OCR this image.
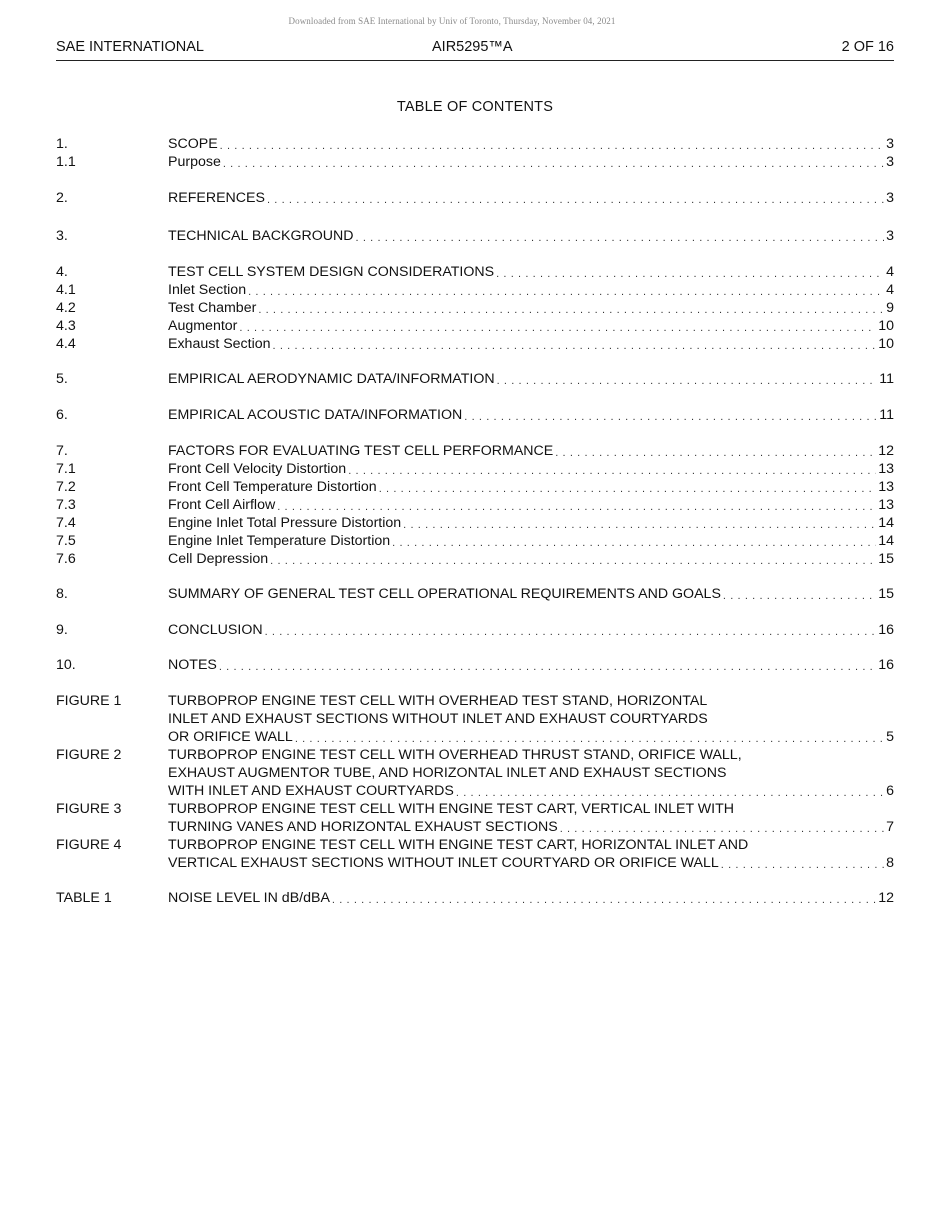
Downloaded from SAE International by Univ of Toronto, Thursday, November 04, 2021
SAE INTERNATIONAL	AIR5295™A	2 OF 16
TABLE OF CONTENTS
1.	SCOPE . . .	3
1.1	Purpose . . .	3
2.	REFERENCES . . .	3
3.	TECHNICAL BACKGROUND . . .	3
4.	TEST CELL SYSTEM DESIGN CONSIDERATIONS . . .	4
4.1	Inlet Section . . .	4
4.2	Test Chamber . . .	9
4.3	Augmentor . . .	10
4.4	Exhaust Section . . .	10
5.	EMPIRICAL AERODYNAMIC DATA/INFORMATION . . .	11
6.	EMPIRICAL ACOUSTIC DATA/INFORMATION . . .	11
7.	FACTORS FOR EVALUATING TEST CELL PERFORMANCE . . .	12
7.1	Front Cell Velocity Distortion . . .	13
7.2	Front Cell Temperature Distortion . . .	13
7.3	Front Cell Airflow . . .	13
7.4	Engine Inlet Total Pressure Distortion . . .	14
7.5	Engine Inlet Temperature Distortion . . .	14
7.6	Cell Depression . . .	15
8.	SUMMARY OF GENERAL TEST CELL OPERATIONAL REQUIREMENTS AND GOALS . . .	15
9.	CONCLUSION . . .	16
10.	NOTES . . .	16
FIGURE 1	TURBOPROP ENGINE TEST CELL WITH OVERHEAD TEST STAND, HORIZONTAL
INLET AND EXHAUST SECTIONS WITHOUT INLET AND EXHAUST COURTYARDS
OR ORIFICE WALL . . .	5
FIGURE 2	TURBOPROP ENGINE TEST CELL WITH OVERHEAD THRUST STAND, ORIFICE WALL,
EXHAUST AUGMENTOR TUBE, AND HORIZONTAL INLET AND EXHAUST SECTIONS
WITH INLET AND EXHAUST COURTYARDS . . .	6
FIGURE 3	TURBOPROP ENGINE TEST CELL WITH ENGINE TEST CART, VERTICAL INLET WITH
TURNING VANES AND HORIZONTAL EXHAUST SECTIONS . . .	7
FIGURE 4	TURBOPROP ENGINE TEST CELL WITH ENGINE TEST CART, HORIZONTAL INLET AND
VERTICAL EXHAUST SECTIONS WITHOUT INLET COURTYARD OR ORIFICE WALL . . .	8
TABLE 1	NOISE LEVEL IN dB/dBA . . .	12
